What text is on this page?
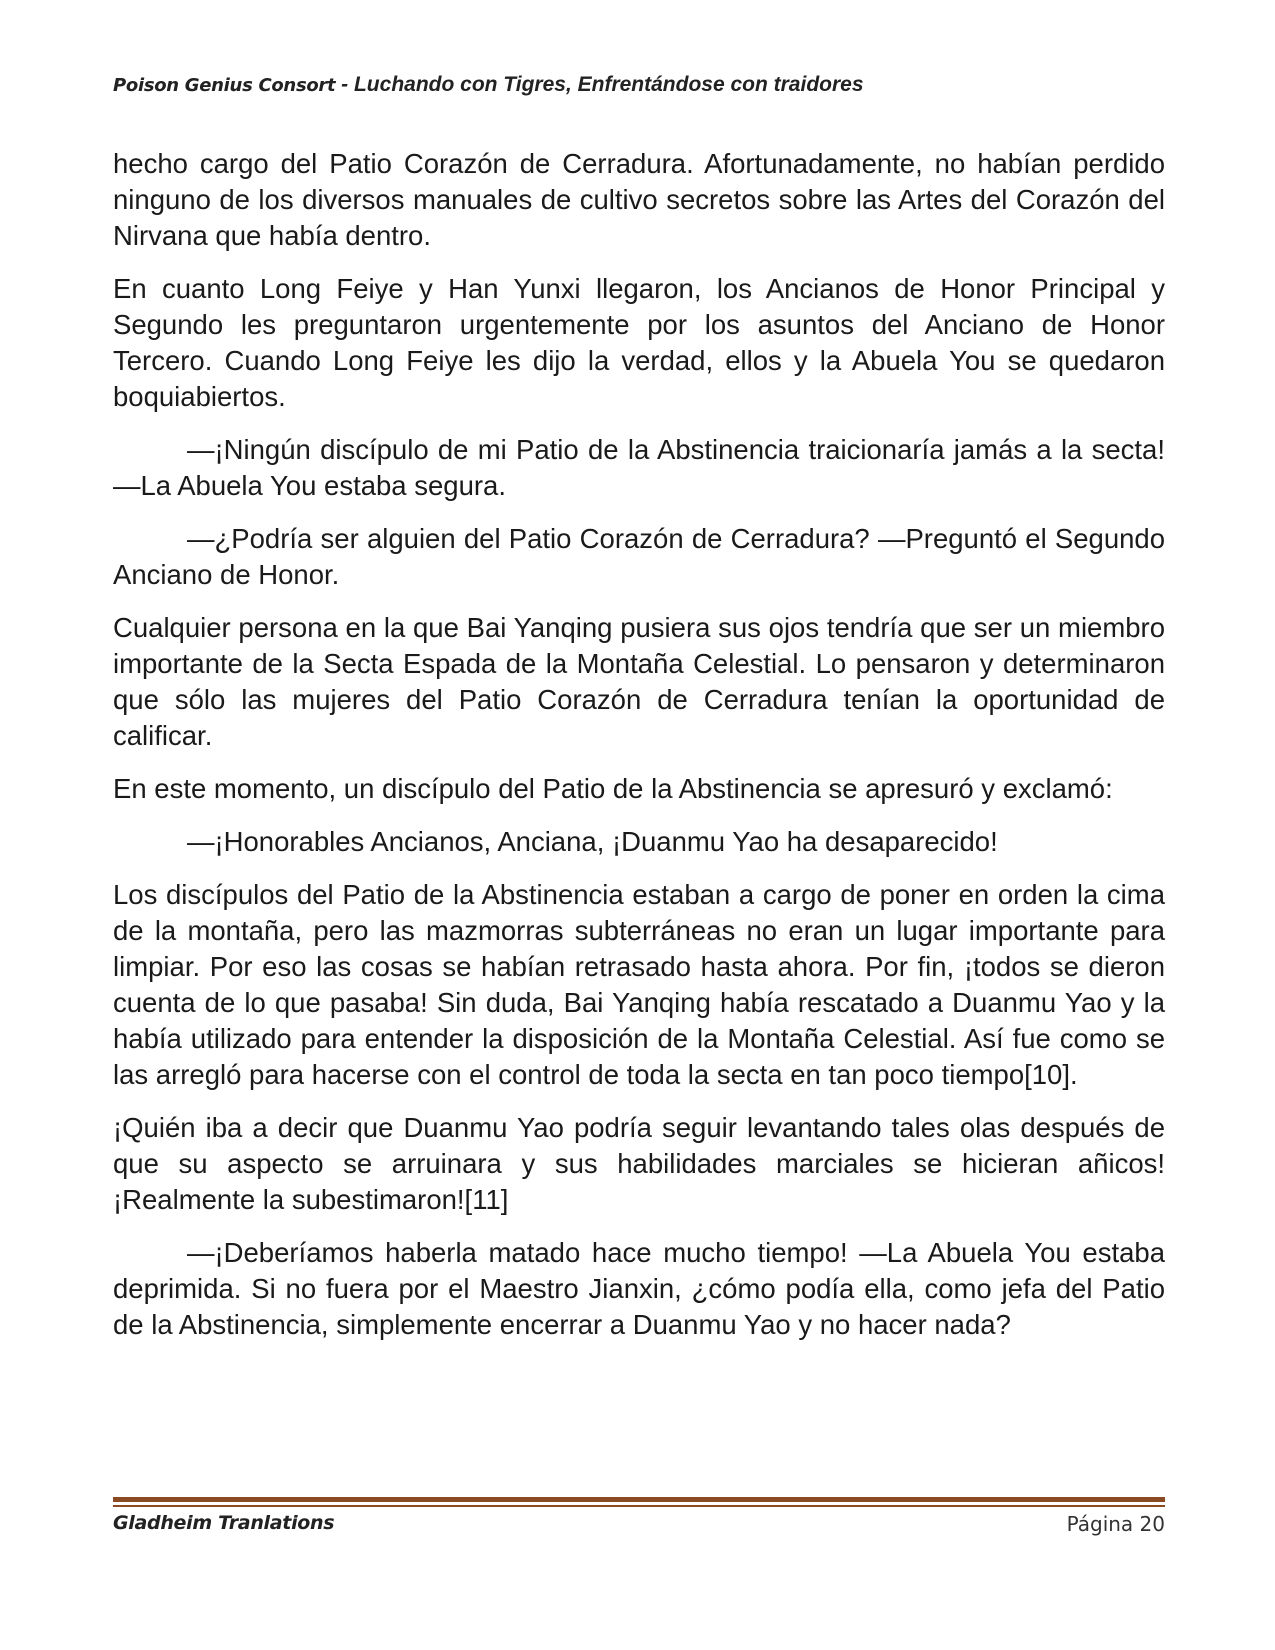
Poison Genius Consort - Luchando con Tigres, Enfrentándose con traidores

hecho cargo del Patio Corazón de Cerradura. Afortunadamente, no habían perdido ninguno de los diversos manuales de cultivo secretos sobre las Artes del Corazón del Nirvana que había dentro.

En cuanto Long Feiye y Han Yunxi llegaron, los Ancianos de Honor Principal y Segundo les preguntaron urgentemente por los asuntos del Anciano de Honor Tercero. Cuando Long Feiye les dijo la verdad, ellos y la Abuela You se quedaron boquiabiertos.

—¡Ningún discípulo de mi Patio de la Abstinencia traicionaría jamás a la secta! —La Abuela You estaba segura.

—¿Podría ser alguien del Patio Corazón de Cerradura? —Preguntó el Segundo Anciano de Honor.

Cualquier persona en la que Bai Yanqing pusiera sus ojos tendría que ser un miembro importante de la Secta Espada de la Montaña Celestial. Lo pensaron y determinaron que sólo las mujeres del Patio Corazón de Cerradura tenían la oportunidad de calificar.

En este momento, un discípulo del Patio de la Abstinencia se apresuró y exclamó:

—¡Honorables Ancianos, Anciana, ¡Duanmu Yao ha desaparecido!

Los discípulos del Patio de la Abstinencia estaban a cargo de poner en orden la cima de la montaña, pero las mazmorras subterráneas no eran un lugar importante para limpiar. Por eso las cosas se habían retrasado hasta ahora. Por fin, ¡todos se dieron cuenta de lo que pasaba! Sin duda, Bai Yanqing había rescatado a Duanmu Yao y la había utilizado para entender la disposición de la Montaña Celestial. Así fue como se las arregló para hacerse con el control de toda la secta en tan poco tiempo[10].

¡Quién iba a decir que Duanmu Yao podría seguir levantando tales olas después de que su aspecto se arruinara y sus habilidades marciales se hicieran añicos! ¡Realmente la subestimaron![11]

—¡Deberíamos haberla matado hace mucho tiempo! —La Abuela You estaba deprimida. Si no fuera por el Maestro Jianxin, ¿cómo podía ella, como jefa del Patio de la Abstinencia, simplemente encerrar a Duanmu Yao y no hacer nada?

Gladheim Tranlations	Página 20
